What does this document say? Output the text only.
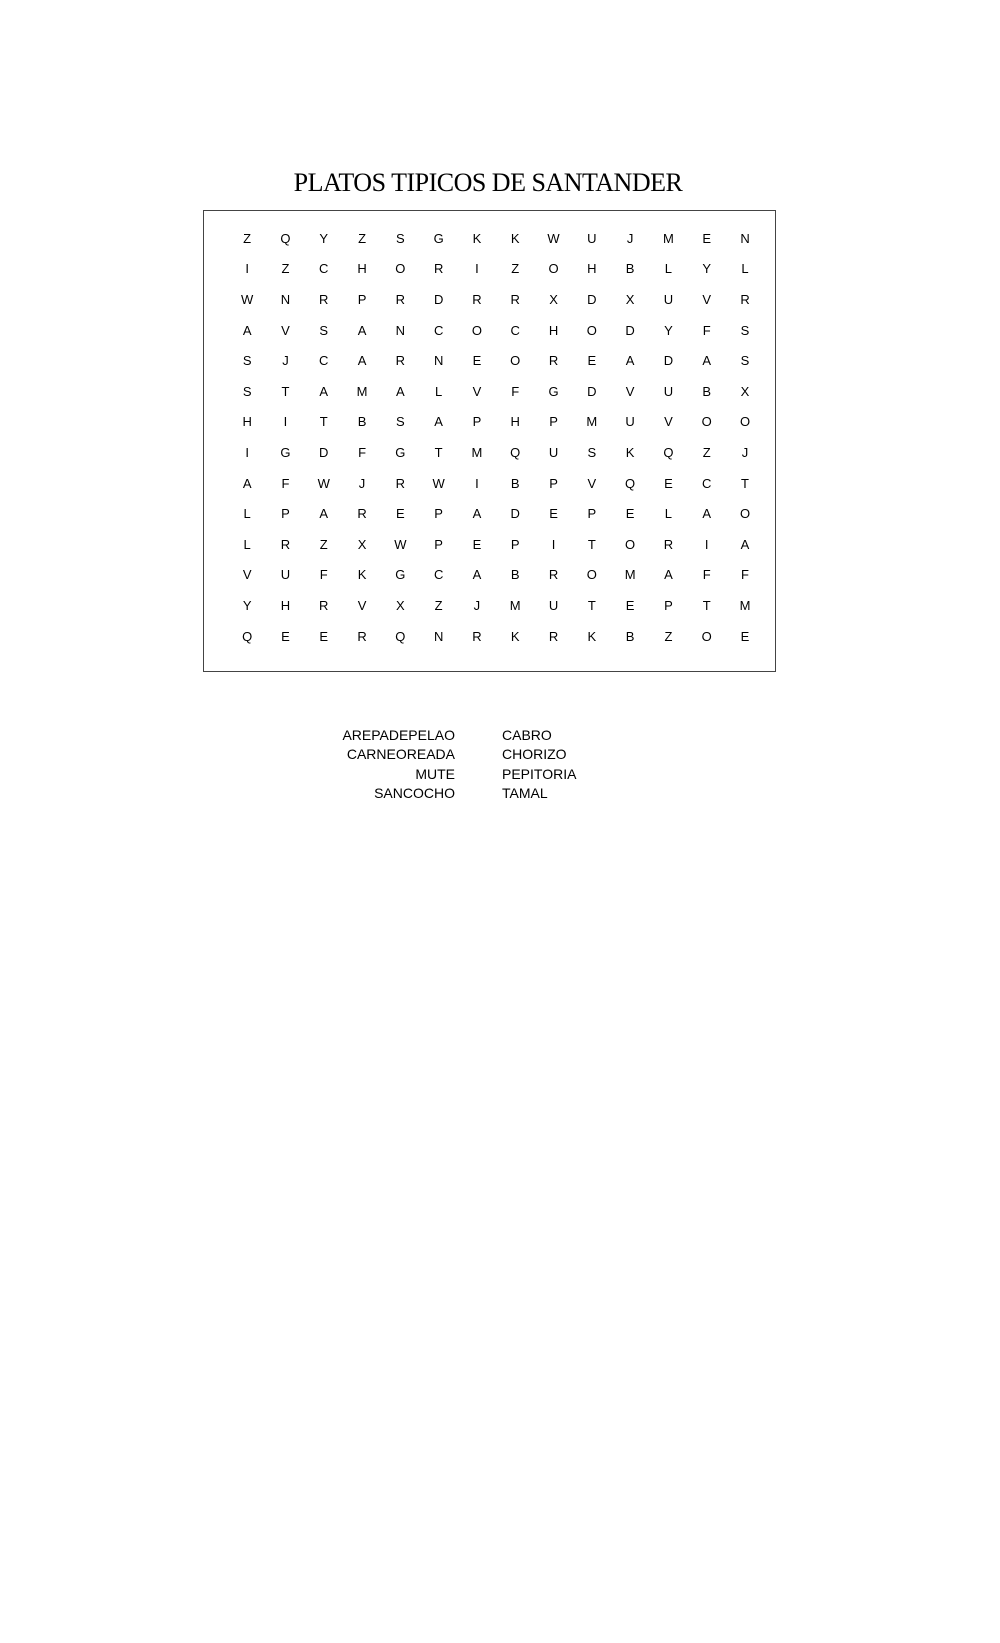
PLATOS TIPICOS DE SANTANDER
Z	Q	Y	Z	S	G	K	K	W	U	J	M	E	N
I	Z	C	H	O	R	I	Z	O	H	B	L	Y	L
W	N	R	P	R	D	R	R	X	D	X	U	V	R
A	V	S	A	N	C	O	C	H	O	D	Y	F	S
S	J	C	A	R	N	E	O	R	E	A	D	A	S
S	T	A	M	A	L	V	F	G	D	V	U	B	X
H	I	T	B	S	A	P	H	P	M	U	V	O	O
I	G	D	F	G	T	M	Q	U	S	K	Q	Z	J
A	F	W	J	R	W	I	B	P	V	Q	E	C	T
L	P	A	R	E	P	A	D	E	P	E	L	A	O
L	R	Z	X	W	P	E	P	I	T	O	R	I	A
V	U	F	K	G	C	A	B	R	O	M	A	F	F
Y	H	R	V	X	Z	J	M	U	T	E	P	T	M
Q	E	E	R	Q	N	R	K	R	K	B	Z	O	E
AREPADEPELAO
CARNEOREADA
MUTE
SANCOCHO
CABRO
CHORIZO
PEPITORIA
TAMAL
